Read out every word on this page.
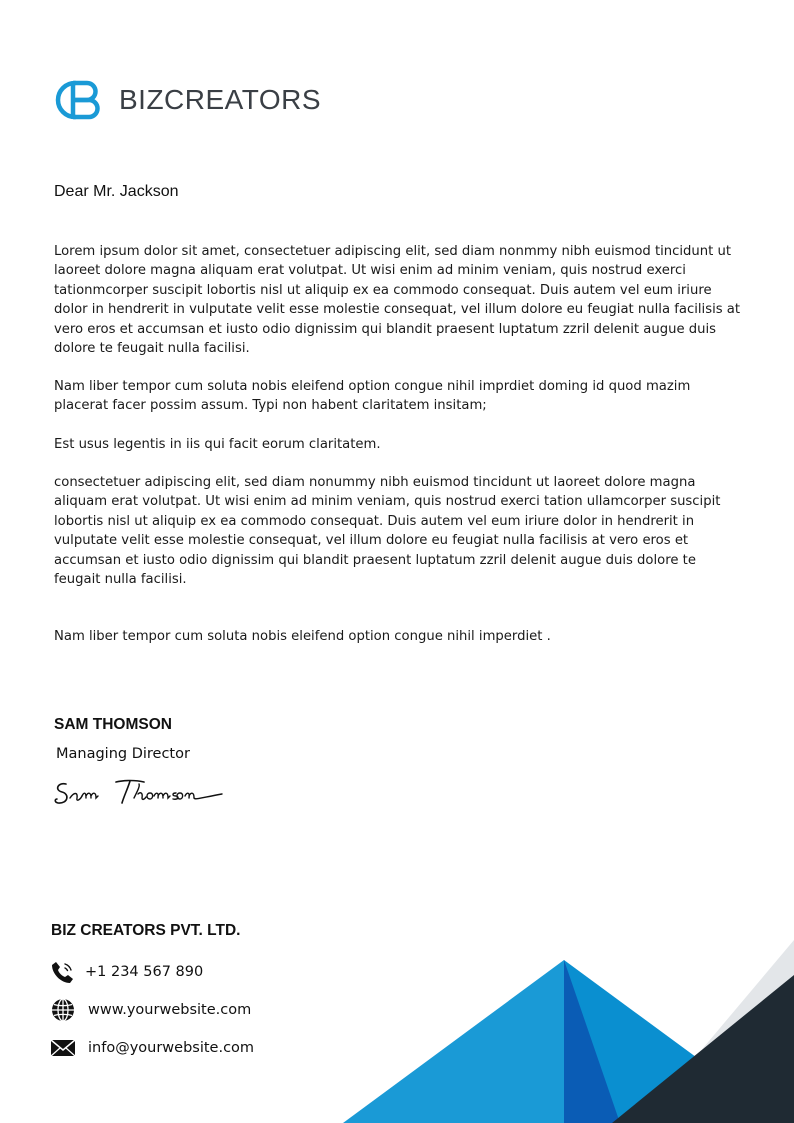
BIZCREATORS
Dear Mr. Jackson

Lorem ipsum dolor sit amet, consectetuer adipiscing elit, sed diam nonmmy nibh euismod tincidunt ut laoreet dolore magna aliquam erat volutpat. Ut wisi enim ad minim veniam, quis nostrud exerci tationmcorper suscipit lobortis nisl ut aliquip ex ea commodo consequat. Duis autem vel eum iriure dolor in hendrerit in vulputate velit esse molestie consequat, vel illum dolore eu feugiat nulla facilisis at vero eros et accumsan et iusto odio dignissim qui blandit praesent luptatum zzril delenit augue duis dolore te feugait nulla facilisi.

Nam liber tempor cum soluta nobis eleifend option congue nihil imprdiet doming id quod mazim placerat facer possim assum. Typi non habent claritatem insitam;

Est usus legentis in iis qui facit eorum claritatem.

consectetuer adipiscing elit, sed diam nonummy nibh euismod tincidunt ut laoreet dolore magna aliquam erat volutpat. Ut wisi enim ad minim veniam, quis nostrud exerci tation ullamcorper suscipit lobortis nisl ut aliquip ex ea commodo consequat. Duis autem vel eum iriure dolor in hendrerit in vulputate velit esse molestie consequat, vel illum dolore eu feugiat nulla facilisis at vero eros et accumsan et iusto odio dignissim qui blandit praesent luptatum zzril delenit augue duis dolore te feugait nulla facilisi.

Nam liber tempor cum soluta nobis eleifend option congue nihil imperdiet .

SAM THOMSON
Managing Director
BIZ CREATORS PVT. LTD.
+1 234 567 890
www.yourwebsite.com
info@yourwebsite.com
